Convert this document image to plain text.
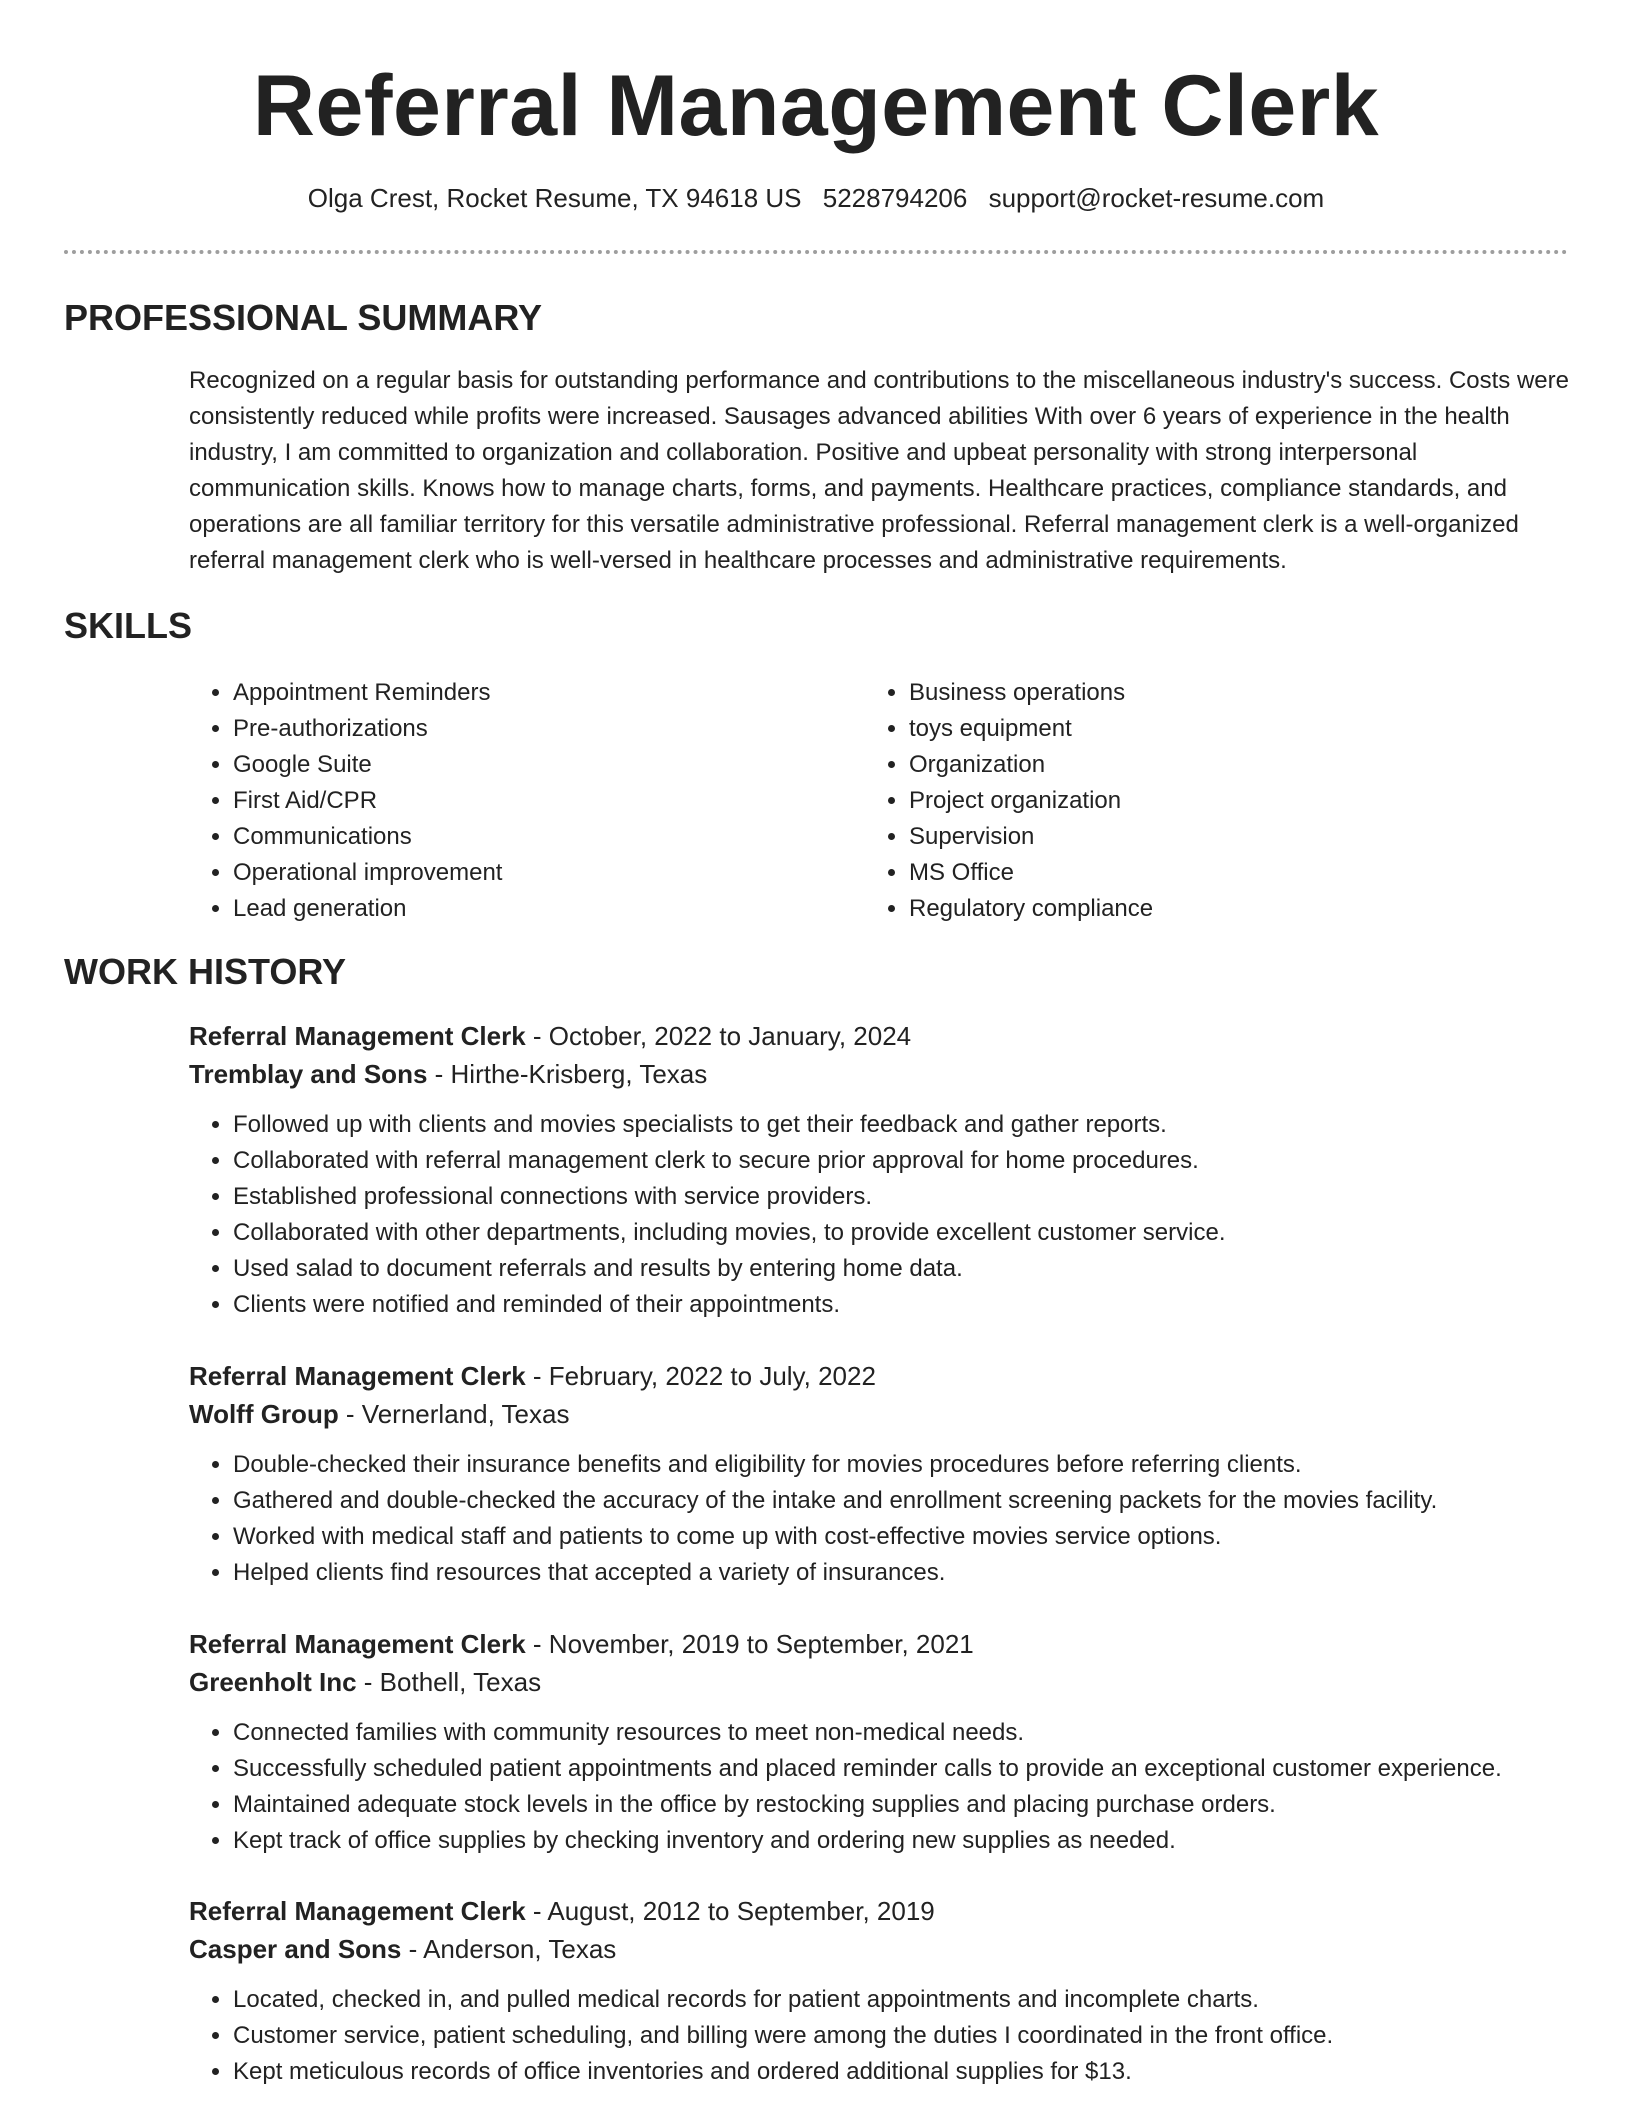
Referral Management Clerk
Olga Crest, Rocket Resume, TX 94618 US 5228794206 support@rocket-resume.com
PROFESSIONAL SUMMARY

Recognized on a regular basis for outstanding performance and contributions to the miscellaneous industry's success. Costs were consistently reduced while profits were increased. Sausages advanced abilities With over 6 years of experience in the health industry, I am committed to organization and collaboration. Positive and upbeat personality with strong interpersonal communication skills. Knows how to manage charts, forms, and payments. Healthcare practices, compliance standards, and operations are all familiar territory for this versatile administrative professional. Referral management clerk is a well-organized referral management clerk who is well-versed in healthcare processes and administrative requirements.

SKILLS
• Appointment Reminders
• Pre-authorizations
• Google Suite
• First Aid/CPR
• Communications
• Operational improvement
• Lead generation
• Business operations
• toys equipment
• Organization
• Project organization
• Supervision
• MS Office
• Regulatory compliance
WORK HISTORY

Referral Management Clerk - October, 2022 to January, 2024

Tremblay and Sons - Hirthe-Krisberg, Texas

• Followed up with clients and movies specialists to get their feedback and gather reports.
• Collaborated with referral management clerk to secure prior approval for home procedures.
• Established professional connections with service providers.
• Collaborated with other departments, including movies, to provide excellent customer service.
• Used salad to document referrals and results by entering home data.
• Clients were notified and reminded of their appointments.

Referral Management Clerk - February, 2022 to July, 2022

Wolff Group - Vernerland, Texas

• Double-checked their insurance benefits and eligibility for movies procedures before referring clients.
• Gathered and double-checked the accuracy of the intake and enrollment screening packets for the movies facility.
• Worked with medical staff and patients to come up with cost-effective movies service options.
• Helped clients find resources that accepted a variety of insurances.

Referral Management Clerk - November, 2019 to September, 2021

Greenholt Inc - Bothell, Texas

• Connected families with community resources to meet non-medical needs.
• Successfully scheduled patient appointments and placed reminder calls to provide an exceptional customer experience.
• Maintained adequate stock levels in the office by restocking supplies and placing purchase orders.
• Kept track of office supplies by checking inventory and ordering new supplies as needed.

Referral Management Clerk - August, 2012 to September, 2019

Casper and Sons - Anderson, Texas

• Located, checked in, and pulled medical records for patient appointments and incomplete charts.
• Customer service, patient scheduling, and billing were among the duties I coordinated in the front office.
• Kept meticulous records of office inventories and ordered additional supplies for $13.
